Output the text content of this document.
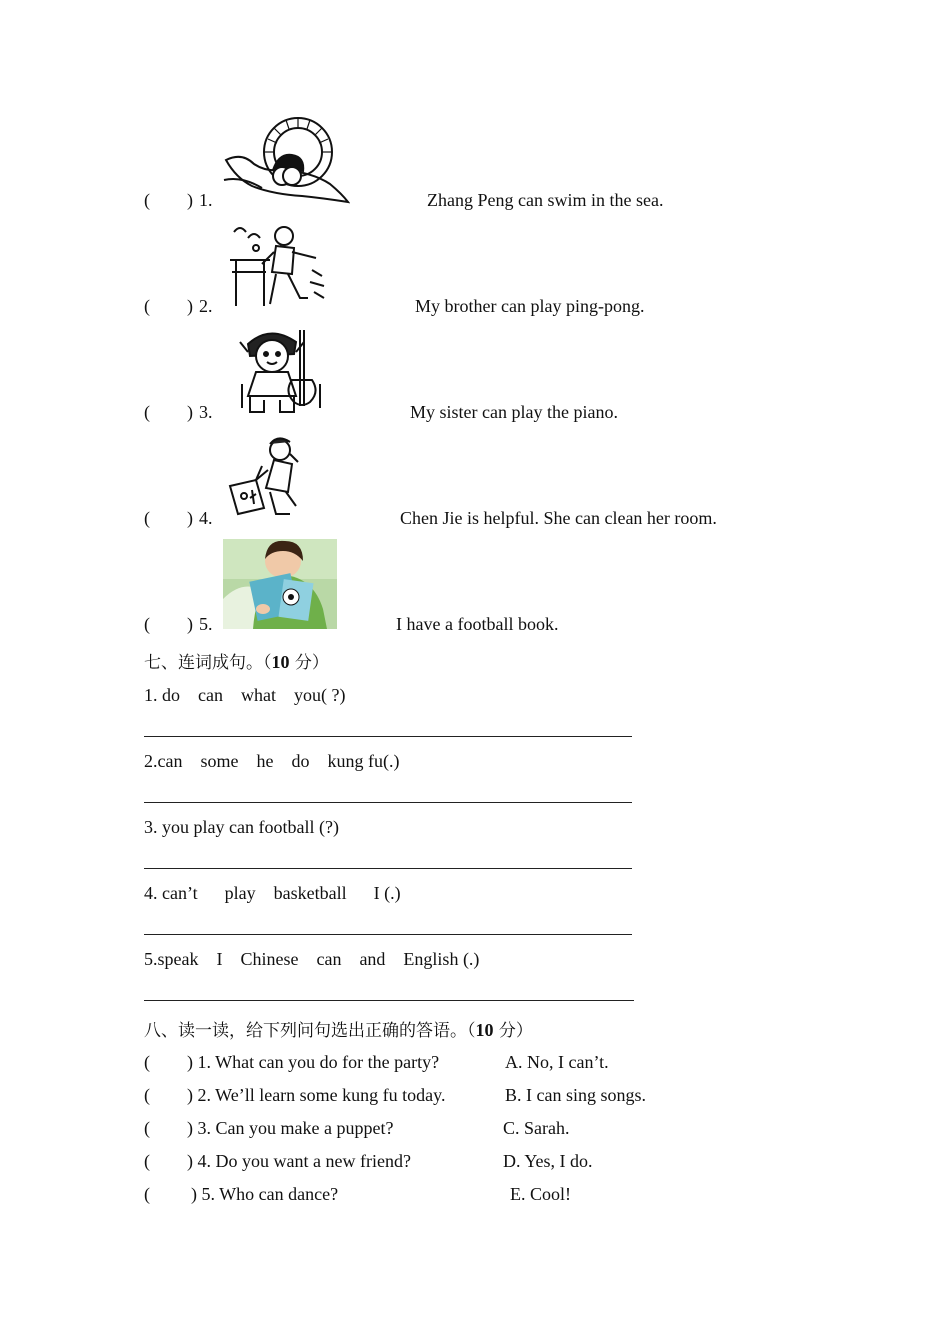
( ) 1.	Zhang Peng can swim in the sea.
( ) 2.	My brother can play ping-pong.
( ) 3.	My sister can play the piano.
( ) 4.	Chen Jie is helpful. She can clean her room.
( ) 5.	I have a football book.
七、连词成句。（10 分）
1. do    can    what    you( ?)
2.can    some    he    do    kung fu(.)
3. you play can football (?)
4. can’t      play    basketball      I (.)
5.speak    I    Chinese    can    and    English (.)
八、读一读，给下列问句选出正确的答语。（10 分）
( ) 1. What can you do for the party?	A. No, I can’t.
( ) 2. We’ll learn some kung fu today.	B. I can sing songs.
( ) 3. Can you make a puppet?	C. Sarah.
( ) 4. Do you want a new friend?	D. Yes, I do.
( ) 5. Who can dance?	E. Cool!
